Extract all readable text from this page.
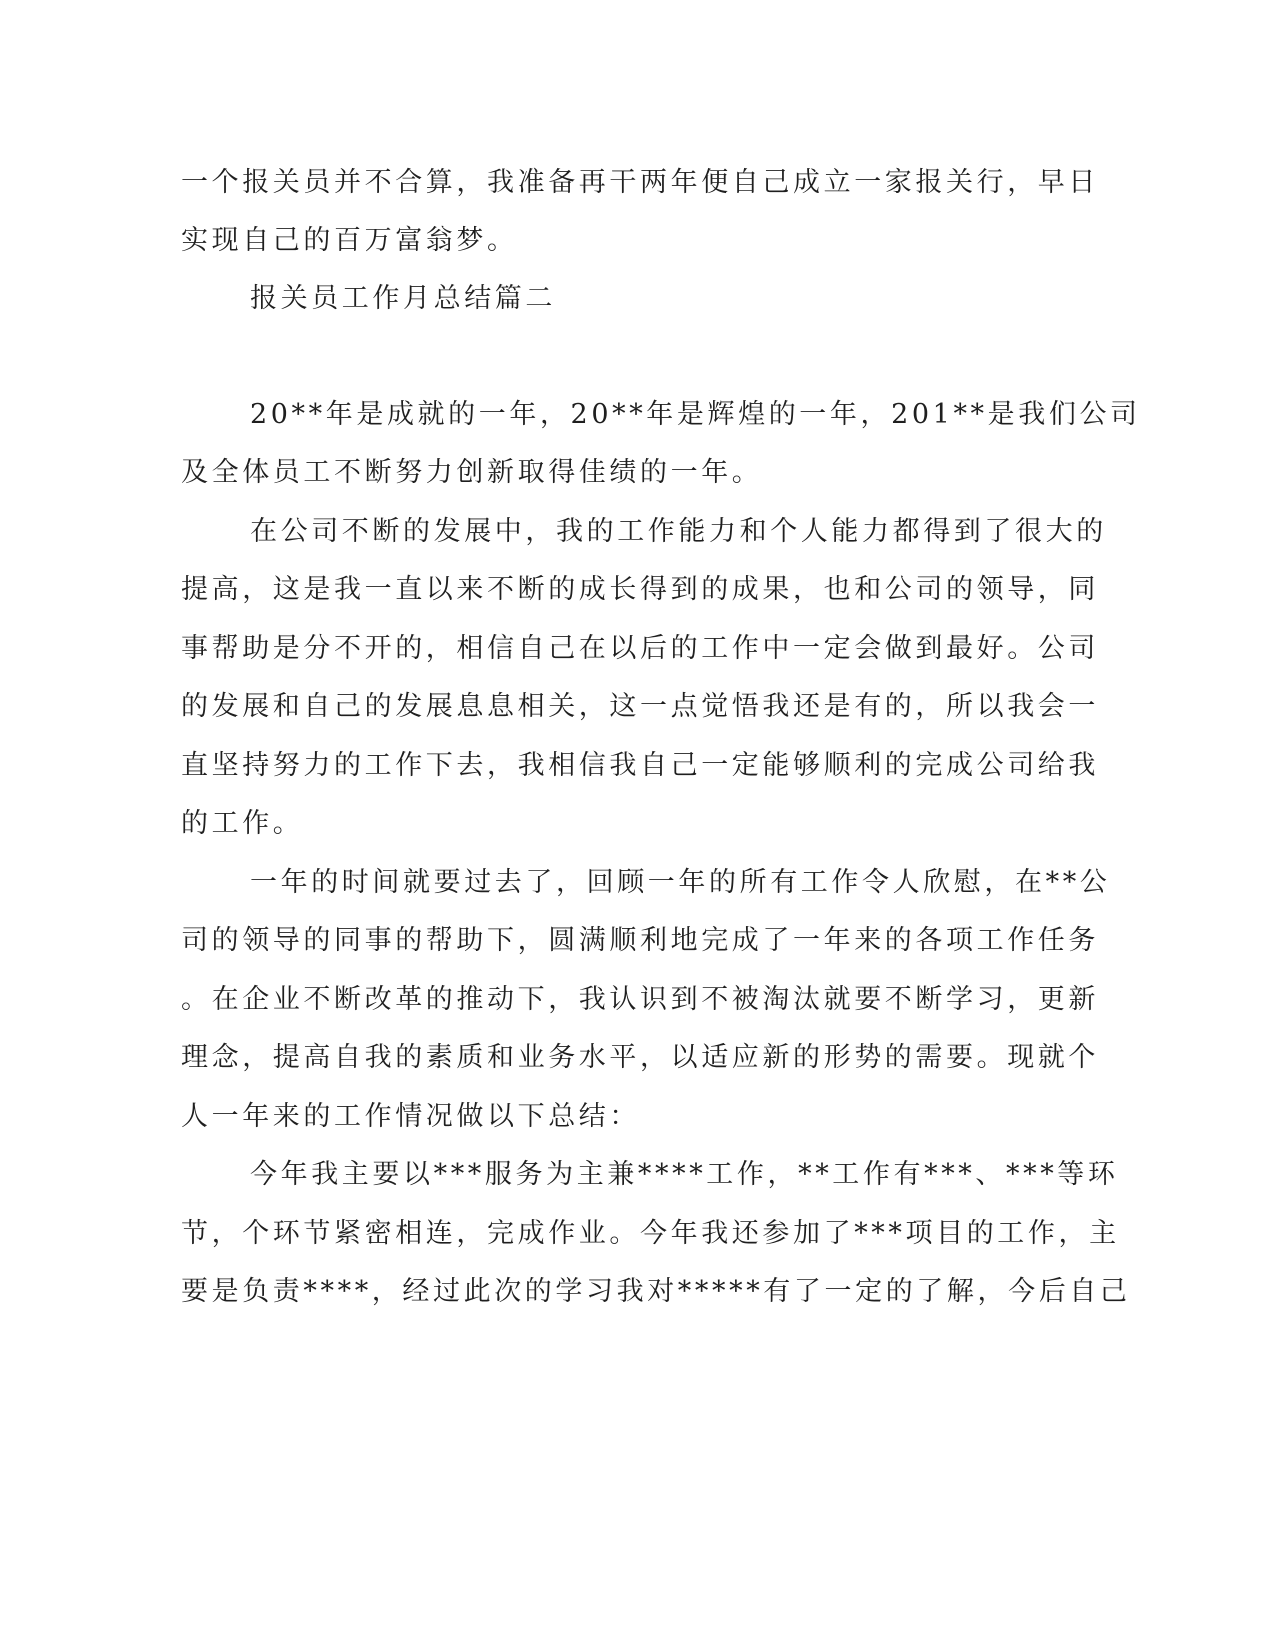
一个报关员并不合算，我准备再干两年便自己成立一家报关行，早日
实现自己的百万富翁梦。
报关员工作月总结篇二
20**年是成就的一年，20**年是辉煌的一年，201**是我们公司
及全体员工不断努力创新取得佳绩的一年。
在公司不断的发展中，我的工作能力和个人能力都得到了很大的
提高，这是我一直以来不断的成长得到的成果，也和公司的领导，同
事帮助是分不开的，相信自己在以后的工作中一定会做到最好。公司
的发展和自己的发展息息相关，这一点觉悟我还是有的，所以我会一
直坚持努力的工作下去，我相信我自己一定能够顺利的完成公司给我
的工作。
一年的时间就要过去了，回顾一年的所有工作令人欣慰，在**公
司的领导的同事的帮助下，圆满顺利地完成了一年来的各项工作任务
。在企业不断改革的推动下，我认识到不被淘汰就要不断学习，更新
理念，提高自我的素质和业务水平，以适应新的形势的需要。现就个
人一年来的工作情况做以下总结：
今年我主要以***服务为主兼****工作，**工作有***、***等环
节，个环节紧密相连，完成作业。今年我还参加了***项目的工作，主
要是负责****，经过此次的学习我对*****有了一定的了解，今后自己
